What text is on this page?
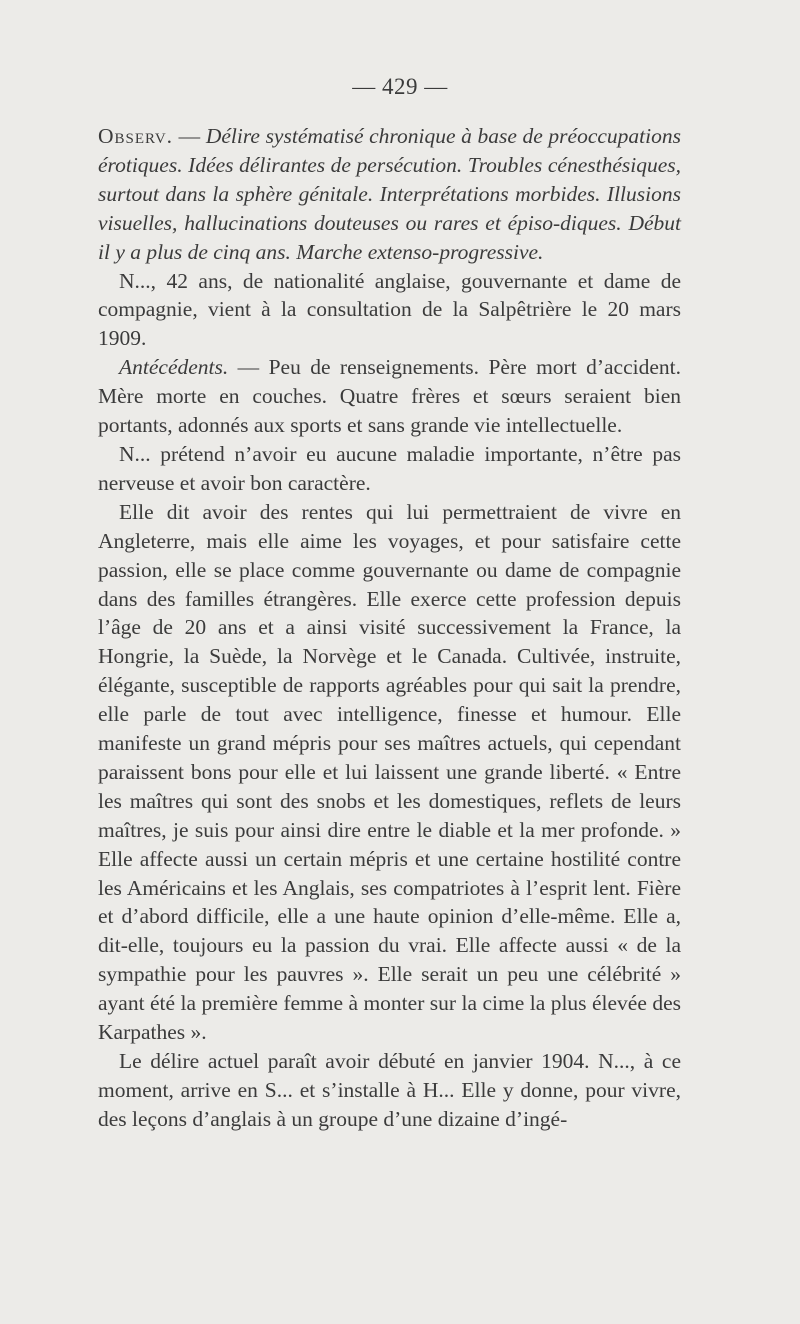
— 429 —

Observ. — Délire systématisé chronique à base de préoccupations érotiques. Idées délirantes de persécution. Troubles cénesthésiques, surtout dans la sphère génitale. Interprétations morbides. Illusions visuelles, hallucinations douteuses ou rares et épiso-diques. Début il y a plus de cinq ans. Marche extenso-progressive.

N..., 42 ans, de nationalité anglaise, gouvernante et dame de compagnie, vient à la consultation de la Salpêtrière le 20 mars 1909.

Antécédents. — Peu de renseignements. Père mort d’accident. Mère morte en couches. Quatre frères et sœurs seraient bien portants, adonnés aux sports et sans grande vie intellectuelle.

N... prétend n’avoir eu aucune maladie importante, n’être pas nerveuse et avoir bon caractère.

Elle dit avoir des rentes qui lui permettraient de vivre en Angleterre, mais elle aime les voyages, et pour satisfaire cette passion, elle se place comme gouvernante ou dame de compagnie dans des familles étrangères. Elle exerce cette profession depuis l’âge de 20 ans et a ainsi visité successivement la France, la Hongrie, la Suède, la Norvège et le Canada. Cultivée, instruite, élégante, susceptible de rapports agréables pour qui sait la prendre, elle parle de tout avec intelligence, finesse et humour. Elle manifeste un grand mépris pour ses maîtres actuels, qui cependant paraissent bons pour elle et lui laissent une grande liberté. « Entre les maîtres qui sont des snobs et les domestiques, reflets de leurs maîtres, je suis pour ainsi dire entre le diable et la mer profonde. » Elle affecte aussi un certain mépris et une certaine hostilité contre les Américains et les Anglais, ses compatriotes à l’esprit lent. Fière et d’abord difficile, elle a une haute opinion d’elle-même. Elle a, dit-elle, toujours eu la passion du vrai. Elle affecte aussi « de la sympathie pour les pauvres ». Elle serait un peu une célébrité » ayant été la première femme à monter sur la cime la plus élevée des Karpathes ».

Le délire actuel paraît avoir débuté en janvier 1904. N..., à ce moment, arrive en S... et s’installe à H... Elle y donne, pour vivre, des leçons d’anglais à un groupe d’une dizaine d’ingé-
